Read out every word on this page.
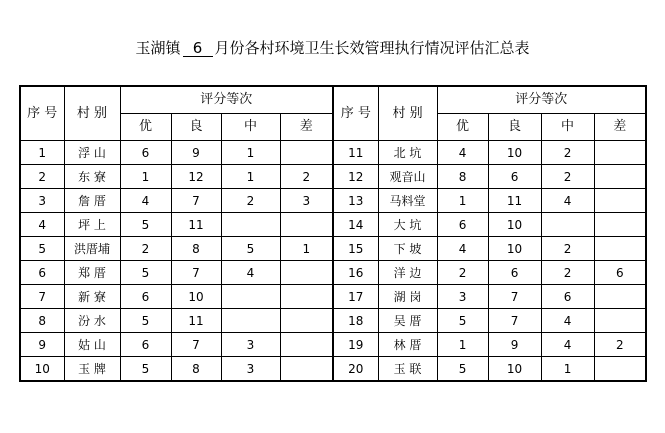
玉湖镇 6 月份各村环境卫生长效管理执行情况评估汇总表
序 号	村 别	评分等次				序 号	村 别	评分等次			
		优	良	中	差			优	良	中	差
1	浮 山	6	9	1		11	北 坑	4	10	2	
2	东 寮	1	12	1	2	12	观音山	8	6	2	
3	詹 厝	4	7	2	3	13	马料堂	1	11	4	
4	坪 上	5	11			14	大 坑	6	10		
5	洪厝埔	2	8	5	1	15	下 坡	4	10	2	
6	郑 厝	5	7	4		16	洋 边	2	6	2	6
7	新 寮	6	10			17	湖 岗	3	7	6	
8	汾 水	5	11			18	吴 厝	5	7	4	
9	姑 山	6	7	3		19	林 厝	1	9	4	2
10	玉 牌	5	8	3		20	玉 联	5	10	1	
